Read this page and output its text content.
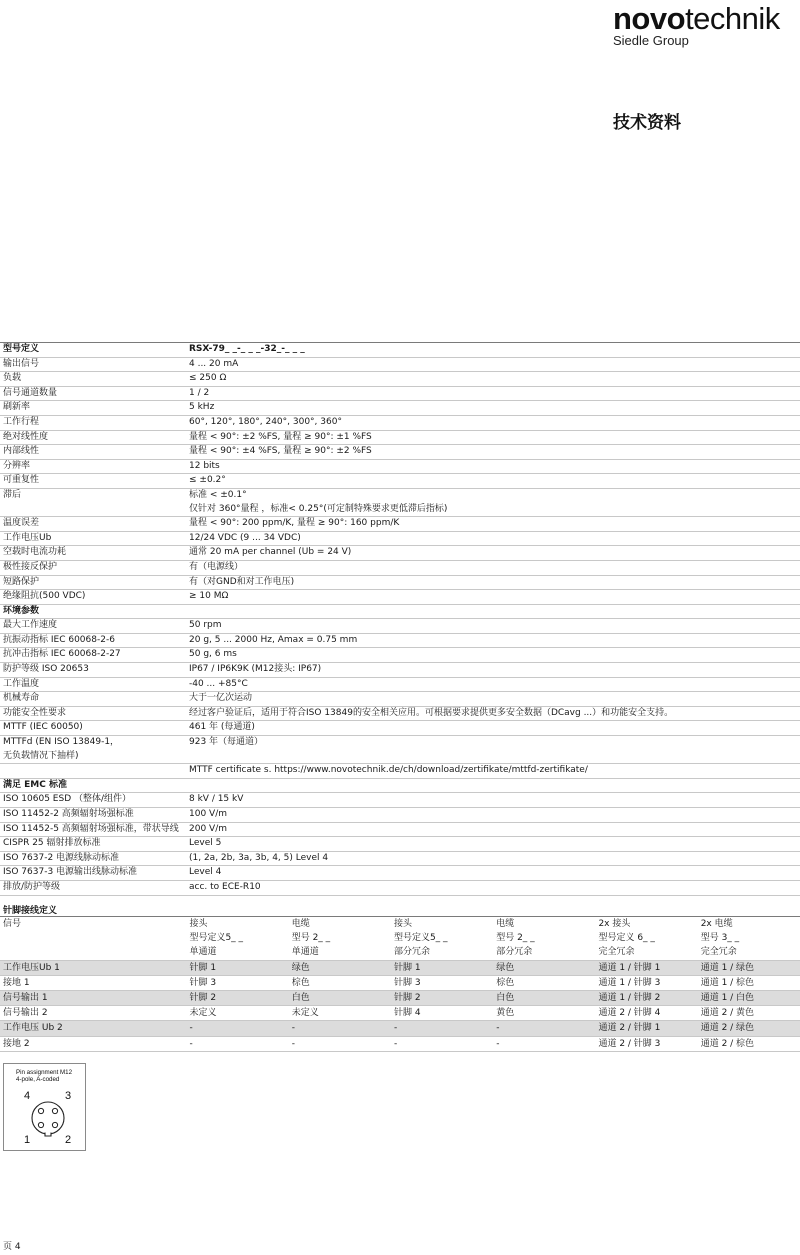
novotechnik
Siedle Group
技术资料
型号定义	RSX-79_ _-_ _ _-32_-_ _ _
输出信号	4 ... 20 mA
负载	≤ 250 Ω
信号通道数量	1 / 2
刷新率	5 kHz
工作行程	60°, 120°, 180°, 240°, 300°, 360°
绝对线性度	量程 < 90°: ±2 %FS, 量程 ≥ 90°: ±1 %FS
内部线性	量程 < 90°: ±4 %FS, 量程 ≥ 90°: ±2 %FS
分辨率	12 bits
可重复性	≤ ±0.2°
滞后	标准 < ±0.1°
仅针对 360°量程 ，标准< 0.25°(可定制特殊要求更低滞后指标)

温度误差	量程 < 90°: 200 ppm/K, 量程 ≥ 90°: 160 ppm/K
工作电压Ub	12/24 VDC (9 ... 34 VDC)
空载时电流功耗	通常 20 mA per channel (Ub = 24 V)
极性接反保护	有（电源线）
短路保护	有（对GND和对工作电压)
绝缘阻抗(500 VDC)	≥ 10 MΩ
环境参数	
最大工作速度	50 rpm
抗振动指标 IEC 60068-2-6	20 g, 5 ... 2000 Hz, Amax = 0.75 mm
抗冲击指标 IEC 60068-2-27	50 g, 6 ms
防护等级 ISO 20653	IP67 / IP6K9K (M12接头: IP67)
工作温度	-40 ... +85°C
机械寿命	大于一亿次运动
功能安全性要求	经过客户验证后，适用于符合ISO 13849的安全相关应用。可根据要求提供更多安全数据（DCavg ...）和功能安全支持。
MTTF (IEC 60050)	461 年 (每通道)

MTTFd (EN ISO 13849-1，
无负载情况下抽样)	923 年（每通道）
	MTTF certificate s. https://www.novotechnik.de/ch/download/zertifikate/mttfd-zertifikate/
满足 EMC 标准	
ISO 10605 ESD （整体/组件）	8 kV / 15 kV
ISO 11452-2 高频辐射场强标准	100 V/m
ISO 11452-5 高频辐射场强标准，带状导线	200 V/m
CISPR 25 辐射排放标准	Level 5
ISO 7637-2 电源线脉动标准	(1, 2a, 2b, 3a, 3b, 4, 5) Level 4
ISO 7637-3 电源输出线脉动标准	Level 4
排放/防护等级	acc. to ECE-R10
针脚接线定义
信号	接头	电缆	接头	电缆	2x 接头	2x 电缆
	型号定义5_ _	型号 2_ _	型号定义5_ _	型号 2_ _	型号定义 6_ _	型号 3_ _
	单通道	单通道	部分冗余	部分冗余	完全冗余	完全冗余
工作电压Ub 1	针脚 1	绿色	针脚 1	绿色	通道 1 / 针脚 1	通道 1 / 绿色
接地 1	针脚 3	棕色	针脚 3	棕色	通道 1 / 针脚 3	通道 1 / 棕色
信号输出 1	针脚 2	白色	针脚 2	白色	通道 1 / 针脚 2	通道 1 / 白色
信号输出 2	未定义	未定义	针脚 4	黄色	通道 2 / 针脚 4	通道 2 / 黄色
工作电压 Ub 2	-	-	-	-	通道 2 / 针脚 1	通道 2 / 绿色
接地 2	-	-	-	-	通道 2 / 针脚 3	通道 2 / 棕色
Pin assignment M12
4-pole, A-coded
4	3
1	2
页 4
